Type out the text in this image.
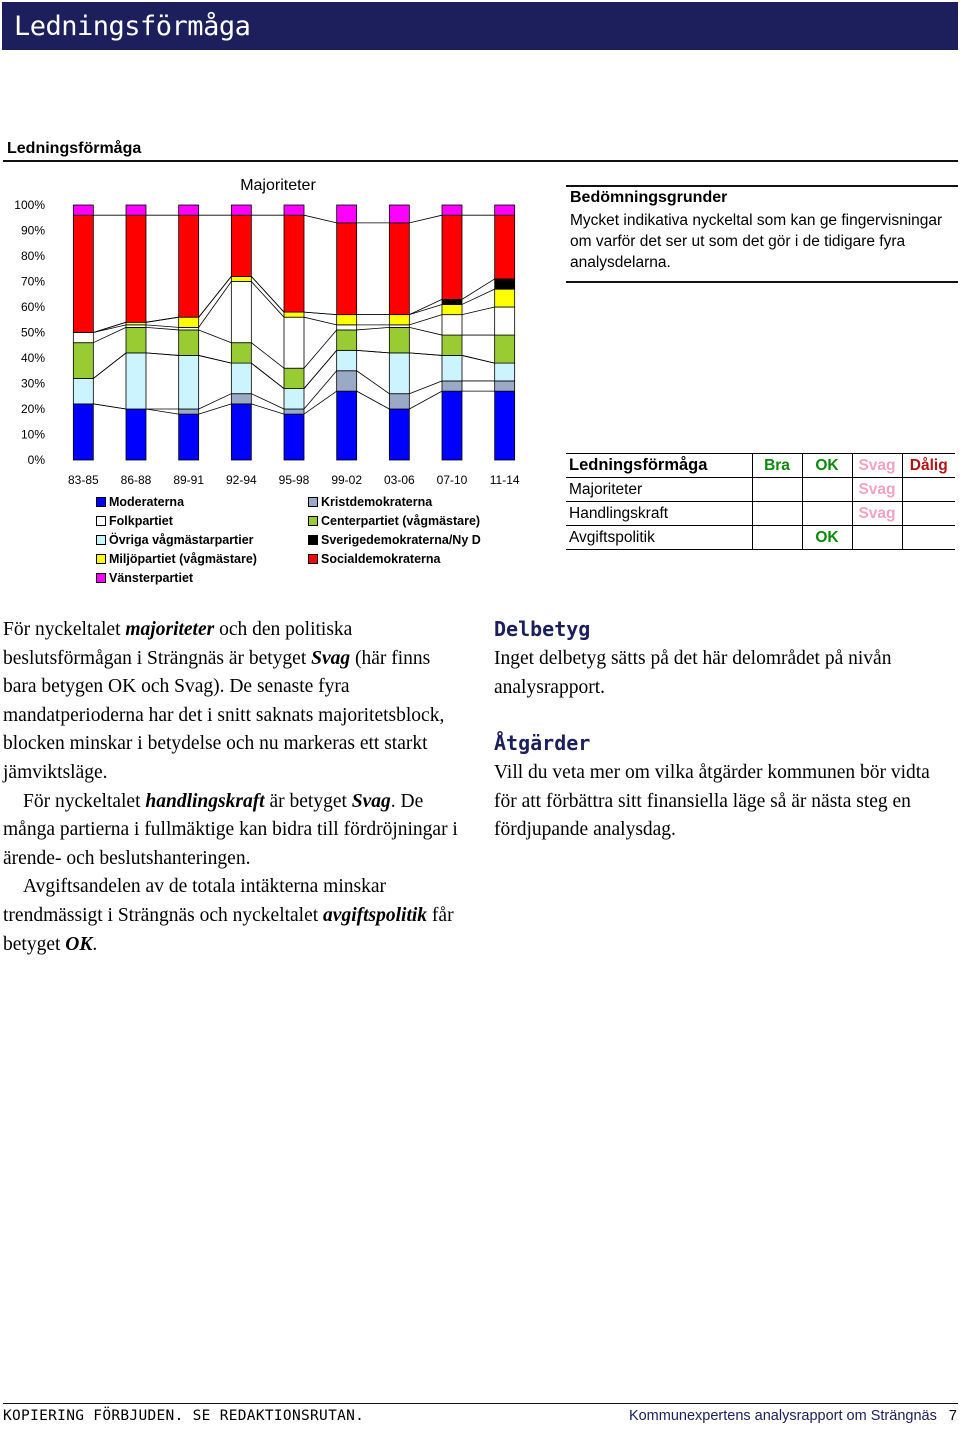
Ledningsförmåga
Ledningsförmåga
Majoriteter
0%
10%
20%
30%
40%
50%
60%
70%
80%
90%
100%
83-85 86-88 89-91 92-94 95-98 99-02 03-06 07-10 11-14
Moderaterna
Folkpartiet
Övriga vågmästarpartier
Miljöpartiet (vågmästare)
Vänsterpartiet
Kristdemokraterna
Centerpartiet (vågmästare)
Sverigedemokraterna/Ny D
Socialdemokraterna
Bedömningsgrunder
Mycket indikativa nyckeltal som kan ge fingervisningar om varför det ser ut som det gör i de tidigare fyra analysdelarna.
Ledningsförmåga	Bra	OK	Svag	Dålig
Majoriteter			Svag	
Handlingskraft			Svag	
Avgiftspolitik		OK		

För nyckeltalet majoriteter och den politiska beslutsförmågan i Strängnäs är betyget Svag (här finns bara betygen OK och Svag). De senaste fyra mandatperioderna har det i snitt saknats majoritetsblock, blocken minskar i betydelse och nu markeras ett starkt jämviktsläge.

För nyckeltalet handlingskraft är betyget Svag. De många partierna i fullmäktige kan bidra till fördröjningar i ärende- och beslutshanteringen.

Avgiftsandelen av de totala intäkterna minskar trendmässigt i Strängnäs och nyckeltalet avgiftspolitik får betyget OK.

Delbetyg
Inget delbetyg sätts på det här delområdet på nivån analysrapport.
Åtgärder
Vill du veta mer om vilka åtgärder kommunen bör vidta för att förbättra sitt finansiella läge så är nästa steg en fördjupande analysdag.
KOPIERING FÖRBJUDEN. SE REDAKTIONSRUTAN.	Kommunexpertens analysrapport om Strängnäs 7
